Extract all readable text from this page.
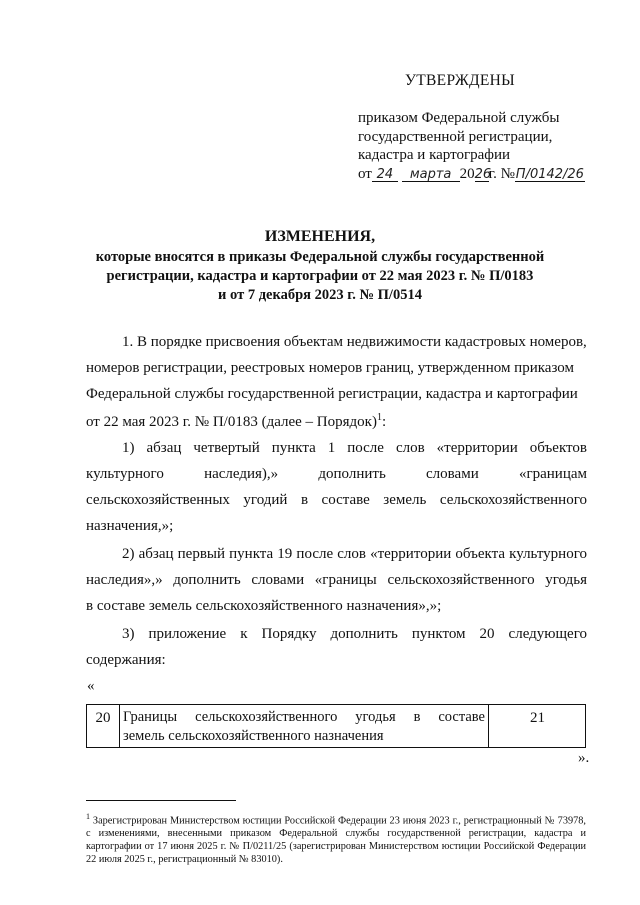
УТВЕРЖДЕНЫ
приказом Федеральной службы
государственной регистрации,
кадастра и картографии
от 24 марта 2026г. №П/0142/26
ИЗМЕНЕНИЯ,
которые вносятся в приказы Федеральной службы государственной
регистрации, кадастра и картографии от 22 мая 2023 г. № П/0183
и от 7 декабря 2023 г. № П/0514
1. В порядке присвоения объектам недвижимости кадастровых номеров,
номеров регистрации, реестровых номеров границ, утвержденном приказом
Федеральной службы государственной регистрации, кадастра и картографии
от 22 мая 2023 г. № П/0183 (далее – Порядок)$^1$:
1) абзац четвертый пункта 1 после слов «территории объектов
культурного наследия),» дополнить словами «границам
сельскохозяйственных угодий в составе земель сельскохозяйственного
назначения,»;
2) абзац первый пункта 19 после слов «территории объекта культурного
наследия»,» дополнить словами «границы сельскохозяйственного угодья
в составе земель сельскохозяйственного назначения»,»;
3) приложение к Порядку дополнить пунктом 20 следующего
содержания:
«
20 Границы сельскохозяйственного угодья в составе
земель сельскохозяйственного назначения
21
».
$^1$ Зарегистрирован Министерством юстиции Российской Федерации 23 июня 2023 г., регистрационный № 73978, с изменениями, внесенными приказом Федеральной службы государственной регистрации, кадастра и картографии от 17 июня 2025 г. № П/0211/25 (зарегистрирован Министерством юстиции Российской Федерации 22 июля 2025 г., регистрационный № 83010).
